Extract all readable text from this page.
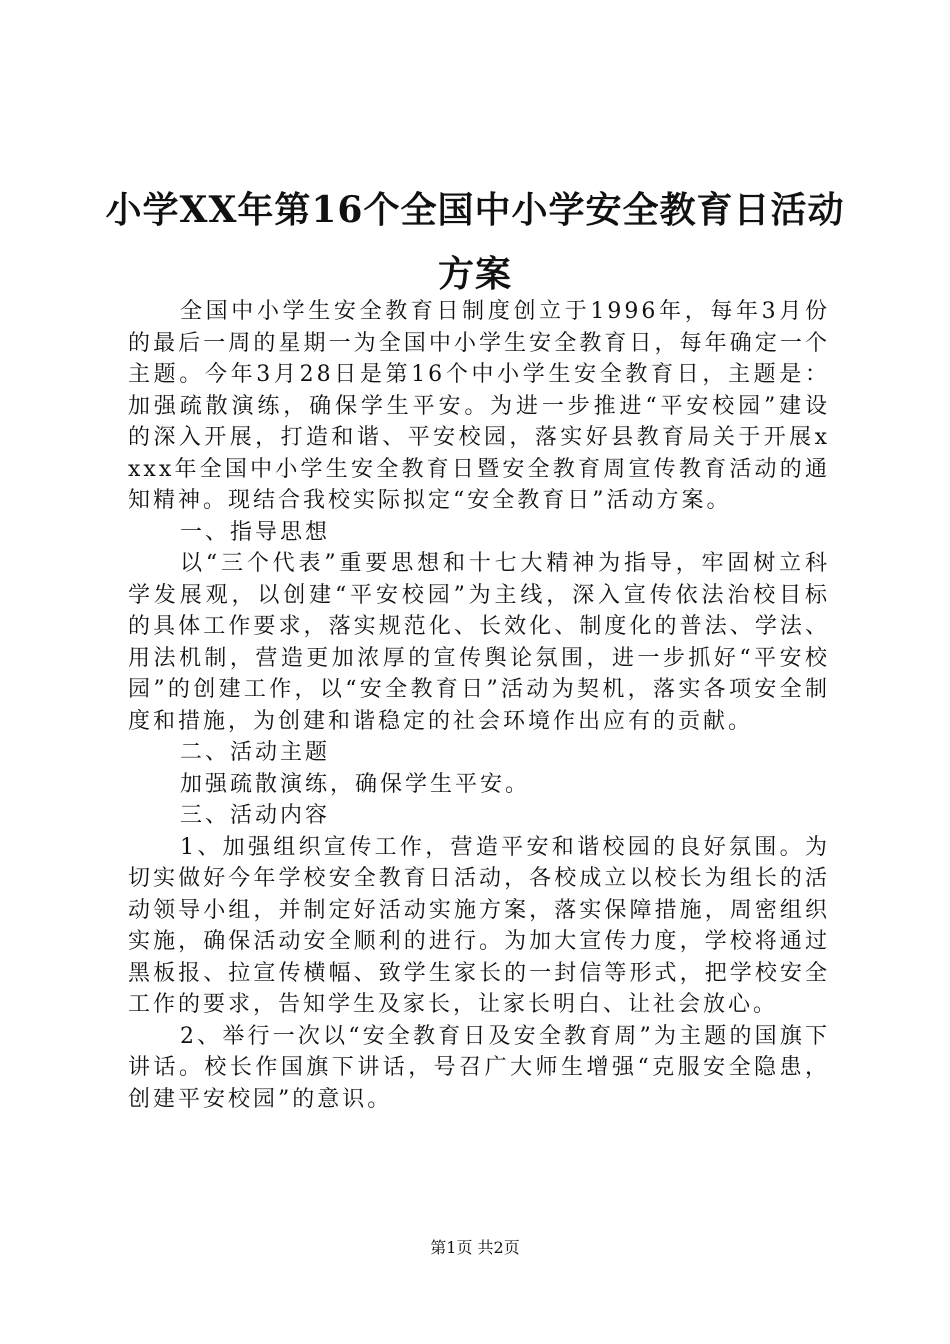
小学XX年第16个全国中小学安全教育日活动方案

全国中小学生安全教育日制度创立于1996年，每年3月份的最后一周的星期一为全国中小学生安全教育日，每年确定一个主题。今年3月28日是第16个中小学生安全教育日，主题是：加强疏散演练，确保学生平安。为进一步推进“平安校园”建设的深入开展，打造和谐、平安校园，落实好县教育局关于开展xxxx年全国中小学生安全教育日暨安全教育周宣传教育活动的通知精神。现结合我校实际拟定“安全教育日”活动方案。

一、指导思想

以“三个代表”重要思想和十七大精神为指导，牢固树立科学发展观，以创建“平安校园”为主线，深入宣传依法治校目标的具体工作要求，落实规范化、长效化、制度化的普法、学法、用法机制，营造更加浓厚的宣传舆论氛围，进一步抓好“平安校园”的创建工作，以“安全教育日”活动为契机，落实各项安全制度和措施，为创建和谐稳定的社会环境作出应有的贡献。

二、活动主题

加强疏散演练，确保学生平安。

三、活动内容

1、加强组织宣传工作，营造平安和谐校园的良好氛围。为切实做好今年学校安全教育日活动，各校成立以校长为组长的活动领导小组，并制定好活动实施方案，落实保障措施，周密组织实施，确保活动安全顺利的进行。为加大宣传力度，学校将通过黑板报、拉宣传横幅、致学生家长的一封信等形式，把学校安全工作的要求，告知学生及家长，让家长明白、让社会放心。

2、举行一次以“安全教育日及安全教育周”为主题的国旗下讲话。校长作国旗下讲话，号召广大师生增强“克服安全隐患，创建平安校园”的意识。

第1页 共2页
